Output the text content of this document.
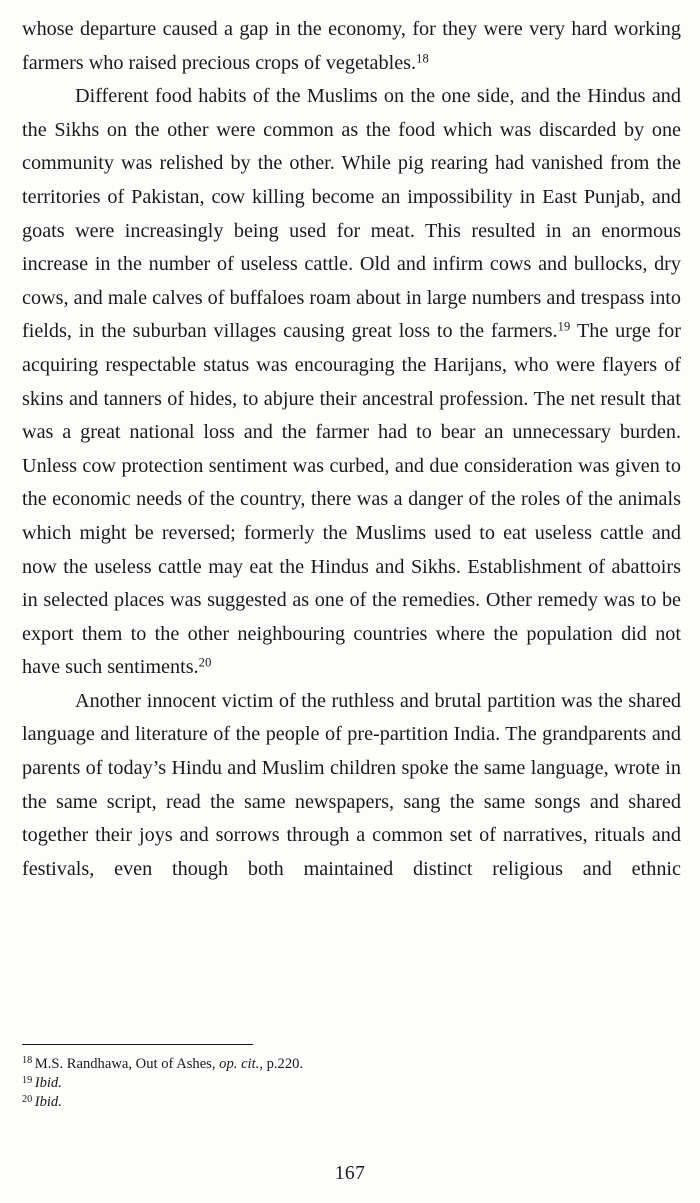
whose departure caused a gap in the economy, for they were very hard working farmers who raised precious crops of vegetables.$^{18}$

Different food habits of the Muslims on the one side, and the Hindus and the Sikhs on the other were common as the food which was discarded by one community was relished by the other. While pig rearing had vanished from the territories of Pakistan, cow killing become an impossibility in East Punjab, and goats were increasingly being used for meat. This resulted in an enormous increase in the number of useless cattle. Old and infirm cows and bullocks, dry cows, and male calves of buffaloes roam about in large numbers and trespass into fields, in the suburban villages causing great loss to the farmers.$^{19}$ The urge for acquiring respectable status was encouraging the Harijans, who were flayers of skins and tanners of hides, to abjure their ancestral profession. The net result that was a great national loss and the farmer had to bear an unnecessary burden. Unless cow protection sentiment was curbed, and due consideration was given to the economic needs of the country, there was a danger of the roles of the animals which might be reversed; formerly the Muslims used to eat useless cattle and now the useless cattle may eat the Hindus and Sikhs. Establishment of abattoirs in selected places was suggested as one of the remedies. Other remedy was to be export them to the other neighbouring countries where the population did not have such sentiments.$^{20}$

Another innocent victim of the ruthless and brutal partition was the shared language and literature of the people of pre-partition India. The grandparents and parents of today’s Hindu and Muslim children spoke the same language, wrote in the same script, read the same newspapers, sang the same songs and shared together their joys and sorrows through a common set of narratives, rituals and festivals, even though both maintained distinct religious and ethnic

$^{18}$ M.S. Randhawa, Out of Ashes, op. cit., p.220.

$^{19}$ Ibid.

$^{20}$ Ibid.

167
